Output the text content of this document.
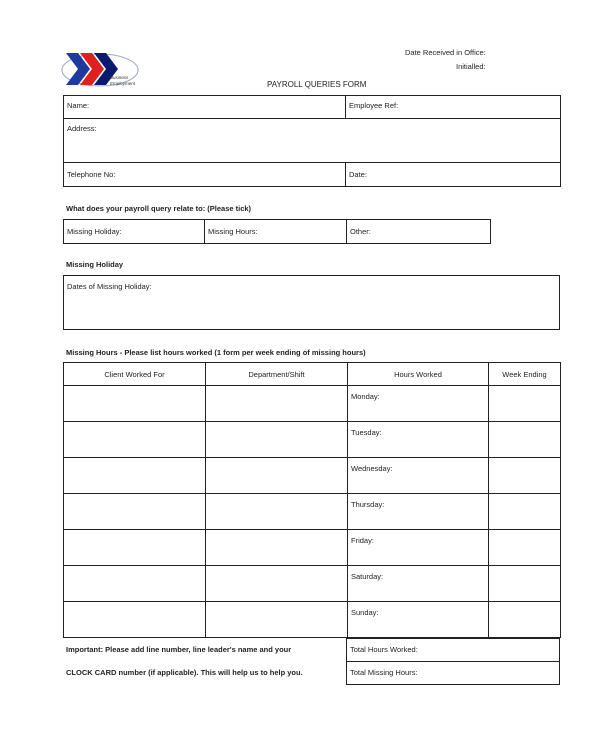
Business
Employment
Date Received in Office:
Initialled:
PAYROLL QUERIES FORM
Name:	Employee Ref:
Address:	
Telephone No:	Date:
What does your payroll query relate to: (Please tick)
Missing Holiday:	Missing Hours:	Other:
Missing Holiday
Dates of Missing Holiday:
Missing Hours - Please list hours worked (1 form per week ending of missing hours)
Client Worked For	Department/Shift	Hours Worked	Week Ending
		Monday:	
		Tuesday:	
		Wednesday:	
		Thursday:	
		Friday:	
		Saturday:	
		Sunday:	
Important: Please add line number, line leader's name and your
CLOCK CARD number (if applicable). This will help us to help you.
Total Hours Worked:
Total Missing Hours:
